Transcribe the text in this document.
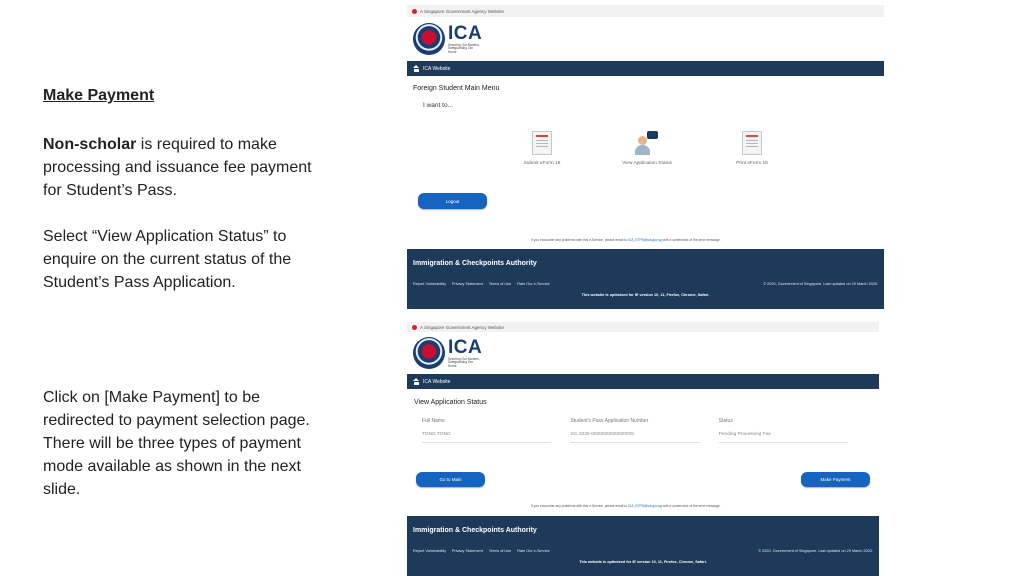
Make Payment
Non-scholar is required to make processing and issuance fee payment for Student’s Pass.
Select “View Application Status” to enquire on the current status of the Student’s Pass Application.
Click on [Make Payment] to be redirected to payment selection page. There will be three types of payment mode available as shown in the next slide.
A Singapore Government Agency Website
ICA
Securing Our Borders, Safeguarding Our Home
ICA Website
Foreign Student Main Menu
I want to...
Submit eForm 16
···	View Application Status	Print eForm 16
Logout
If you encounter any problems with this e-Service, please email to ICA_STPS@ica.gov.sg with a screenshot of the error message.
Immigration & Checkpoints Authority
Report Vulnerability Privacy Statement Terms of Use Rate Our e-Service	© 2020, Government of Singapore. Last updated on 29 March 2020.
This website is optimised for IE version 10, 11, Firefox, Chrome, Safari.
A Singapore Government Agency Website
ICA
Securing Our Borders, Safeguarding Our Home
ICA Website
View Application Status
Full Name	Student's Pass Application Number	Status
TONG TONG	SG-2020-0000000000000005	Pending Processing Fee
Go to Main	Make Payment
If you encounter any problems with this e-Service, please email to ICA_STPS@ica.gov.sg with a screenshot of the error message.
Immigration & Checkpoints Authority
Report Vulnerability Privacy Statement Terms of Use Rate Our e-Service	© 2020, Government of Singapore. Last updated on 29 March 2020.
This website is optimised for IE version 10, 11, Firefox, Chrome, Safari.
